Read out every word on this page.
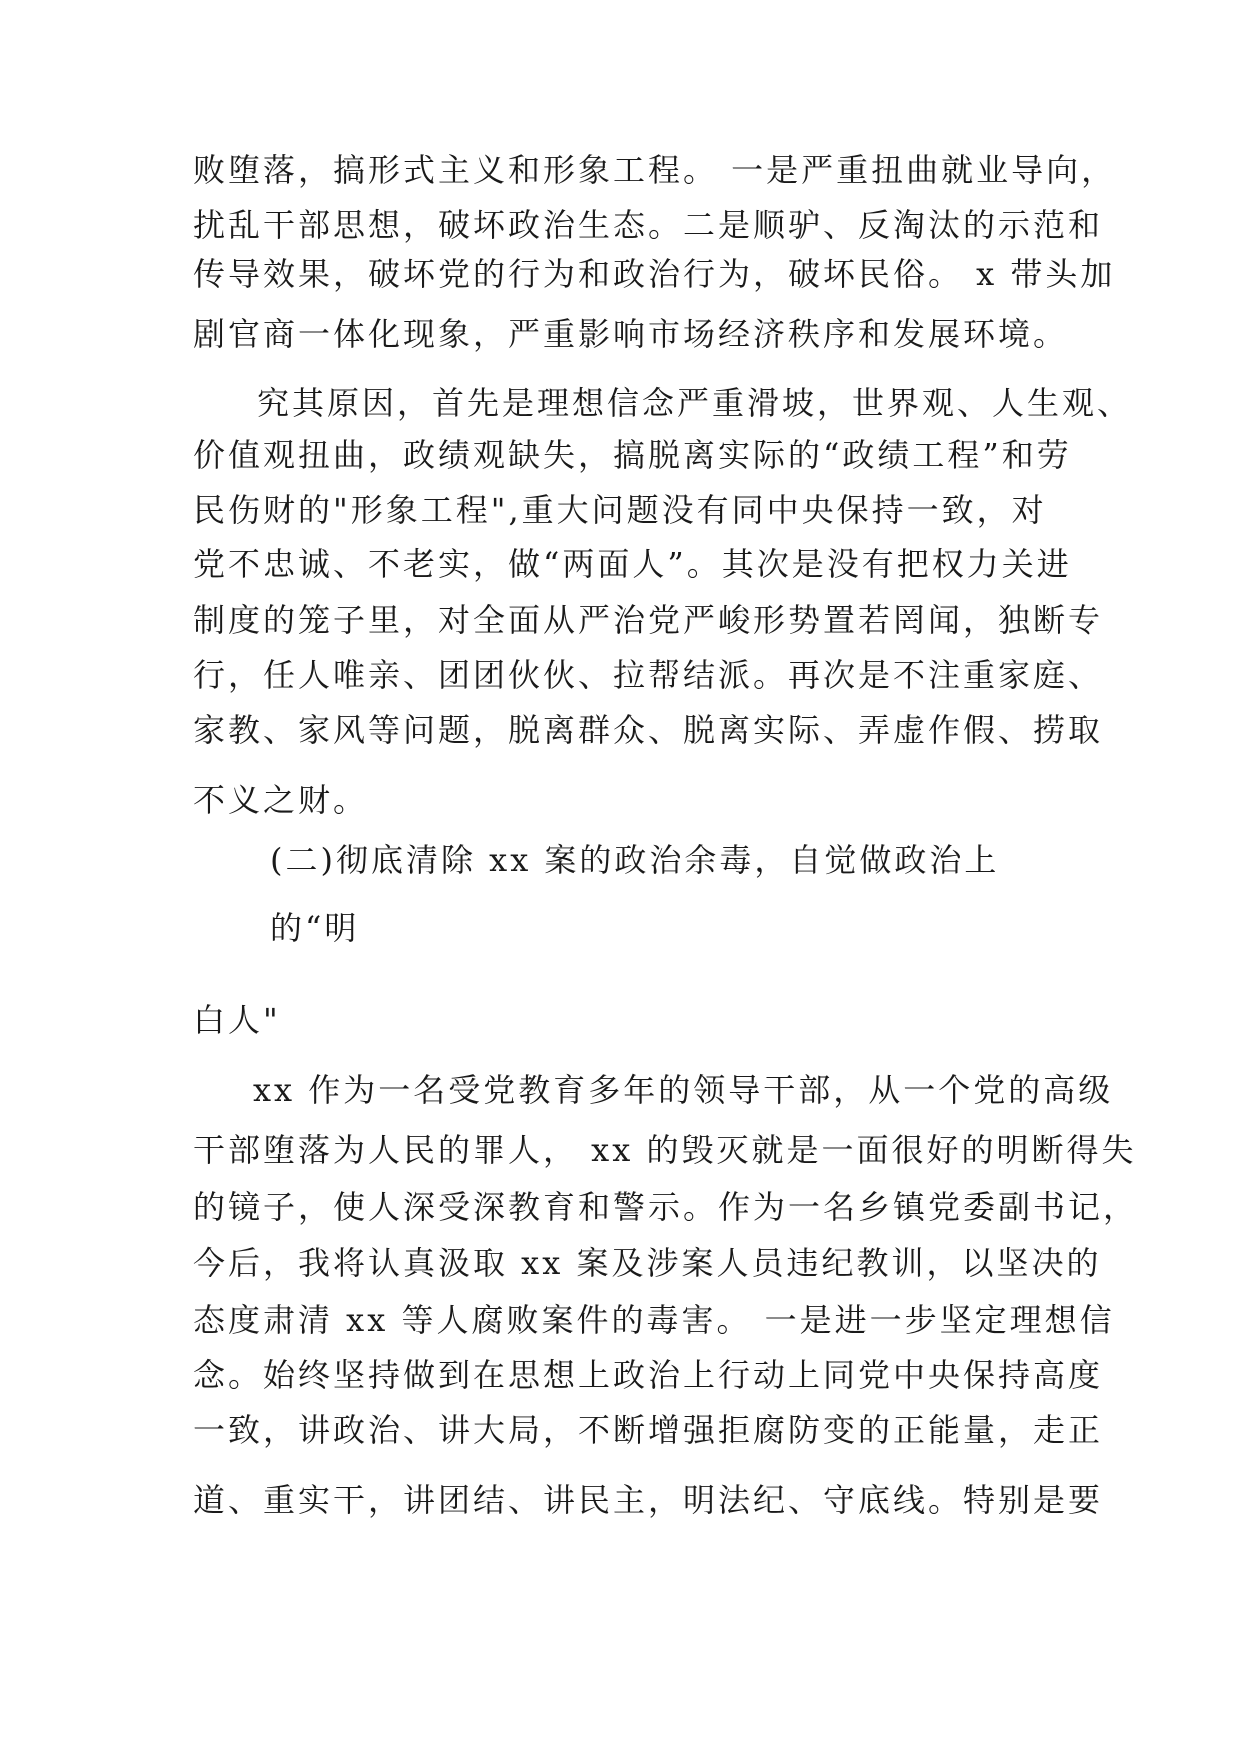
败堕落，搞形式主义和形象工程。 一是严重扭曲就业导向，
扰乱干部思想，破坏政治生态。二是顺驴、反淘汰的示范和
传导效果，破坏党的行为和政治行为，破坏民俗。 x 带头加
剧官商一体化现象，严重影响市场经济秩序和发展环境。
究其原因，首先是理想信念严重滑坡，世界观、人生观、
价值观扭曲，政绩观缺失，搞脱离实际的“政绩工程”和劳
民伤财的"形象工程",重大问题没有同中央保持一致，对
党不忠诚、不老实，做“两面人”。其次是没有把权力关进
制度的笼子里，对全面从严治党严峻形势置若罔闻，独断专
行，任人唯亲、团团伙伙、拉帮结派。再次是不注重家庭、
家教、家风等问题，脱离群众、脱离实际、弄虚作假、捞取
不义之财。
(二)彻底清除 xx 案的政治余毒，自觉做政治上
的“明
白人"
xx 作为一名受党教育多年的领导干部，从一个党的高级
干部堕落为人民的罪人， xx 的毁灭就是一面很好的明断得失
的镜子，使人深受深教育和警示。作为一名乡镇党委副书记，
今后，我将认真汲取 xx 案及涉案人员违纪教训，以坚决的
态度肃清 xx 等人腐败案件的毒害。 一是进一步坚定理想信
念。始终坚持做到在思想上政治上行动上同党中央保持高度
一致，讲政治、讲大局，不断增强拒腐防变的正能量，走正
道、重实干，讲团结、讲民主，明法纪、守底线。特别是要
